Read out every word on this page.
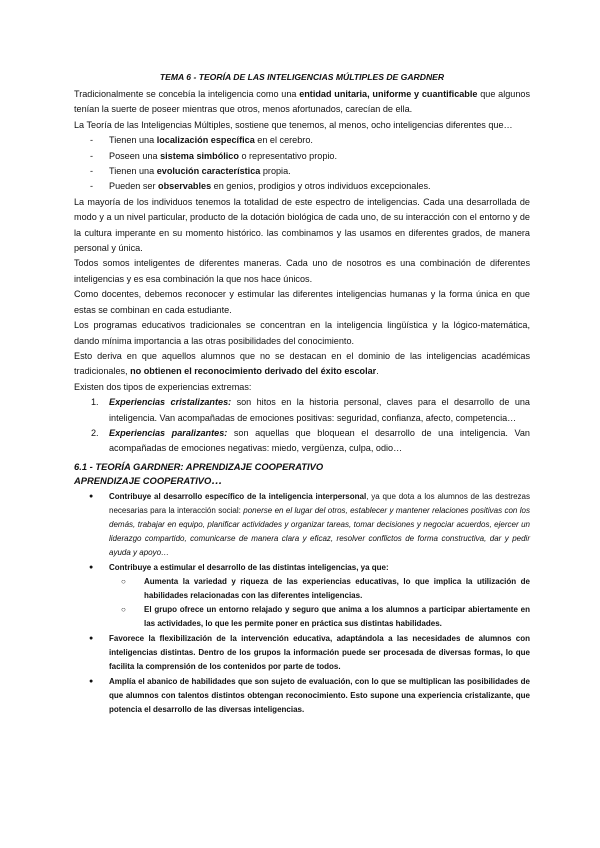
TEMA 6 - TEORÍA DE LAS INTELIGENCIAS MÚLTIPLES DE GARDNER

Tradicionalmente se concebía la inteligencia como una entidad unitaria, uniforme y cuantificable que algunos tenían la suerte de poseer mientras que otros, menos afortunados, carecían de ella.

La Teoría de las Inteligencias Múltiples, sostiene que tenemos, al menos, ocho inteligencias diferentes que…

- Tienen una localización específica en el cerebro.
- Poseen una sistema simbólico o representativo propio.
- Tienen una evolución característica propia.
- Pueden ser observables en genios, prodigios y otros individuos excepcionales.

La mayoría de los individuos tenemos la totalidad de este espectro de inteligencias. Cada una desarrollada de modo y a un nivel particular, producto de la dotación biológica de cada uno, de su interacción con el entorno y de la cultura imperante en su momento histórico. las combinamos y las usamos en diferentes grados, de manera personal y única.

Todos somos inteligentes de diferentes maneras. Cada uno de nosotros es una combinación de diferentes inteligencias y es esa combinación la que nos hace únicos.

Como docentes, debemos reconocer y estimular las diferentes inteligencias humanas y la forma única en que estas se combinan en cada estudiante.

Los programas educativos tradicionales se concentran en la inteligencia lingüística y la lógico-matemática, dando mínima importancia a las otras posibilidades del conocimiento.

Esto deriva en que aquellos alumnos que no se destacan en el dominio de las inteligencias académicas tradicionales, no obtienen el reconocimiento derivado del éxito escolar.

Existen dos tipos de experiencias extremas:

1. Experiencias cristalizantes: son hitos en la historia personal, claves para el desarrollo de una inteligencia. Van acompañadas de emociones positivas: seguridad, confianza, afecto, competencia…
2. Experiencias paralizantes: son aquellas que bloquean el desarrollo de una inteligencia. Van acompañadas de emociones negativas: miedo, vergüenza, culpa, odio…
6.1 - TEORÍA GARDNER: APRENDIZAJE COOPERATIVO
APRENDIZAJE COOPERATIVO…
● Contribuye al desarrollo específico de la inteligencia interpersonal, ya que dota a los alumnos de las destrezas necesarias para la interacción social: ponerse en el lugar del otros, establecer y mantener relaciones positivas con los demás, trabajar en equipo, planificar actividades y organizar tareas, tomar decisiones y negociar acuerdos, ejercer un liderazgo compartido, comunicarse de manera clara y eficaz, resolver conflictos de forma constructiva, dar y pedir ayuda y apoyo…
● Contribuye a estimular el desarrollo de las distintas inteligencias, ya que:
○ Aumenta la variedad y riqueza de las experiencias educativas, lo que implica la utilización de habilidades relacionadas con las diferentes inteligencias.
○ El grupo ofrece un entorno relajado y seguro que anima a los alumnos a participar abiertamente en las actividades, lo que les permite poner en práctica sus distintas habilidades.
● Favorece la flexibilización de la intervención educativa, adaptándola a las necesidades de alumnos con inteligencias distintas. Dentro de los grupos la información puede ser procesada de diversas formas, lo que facilita la comprensión de los contenidos por parte de todos.
● Amplía el abanico de habilidades que son sujeto de evaluación, con lo que se multiplican las posibilidades de que alumnos con talentos distintos obtengan reconocimiento. Esto supone una experiencia cristalizante, que potencia el desarrollo de las diversas inteligencias.
